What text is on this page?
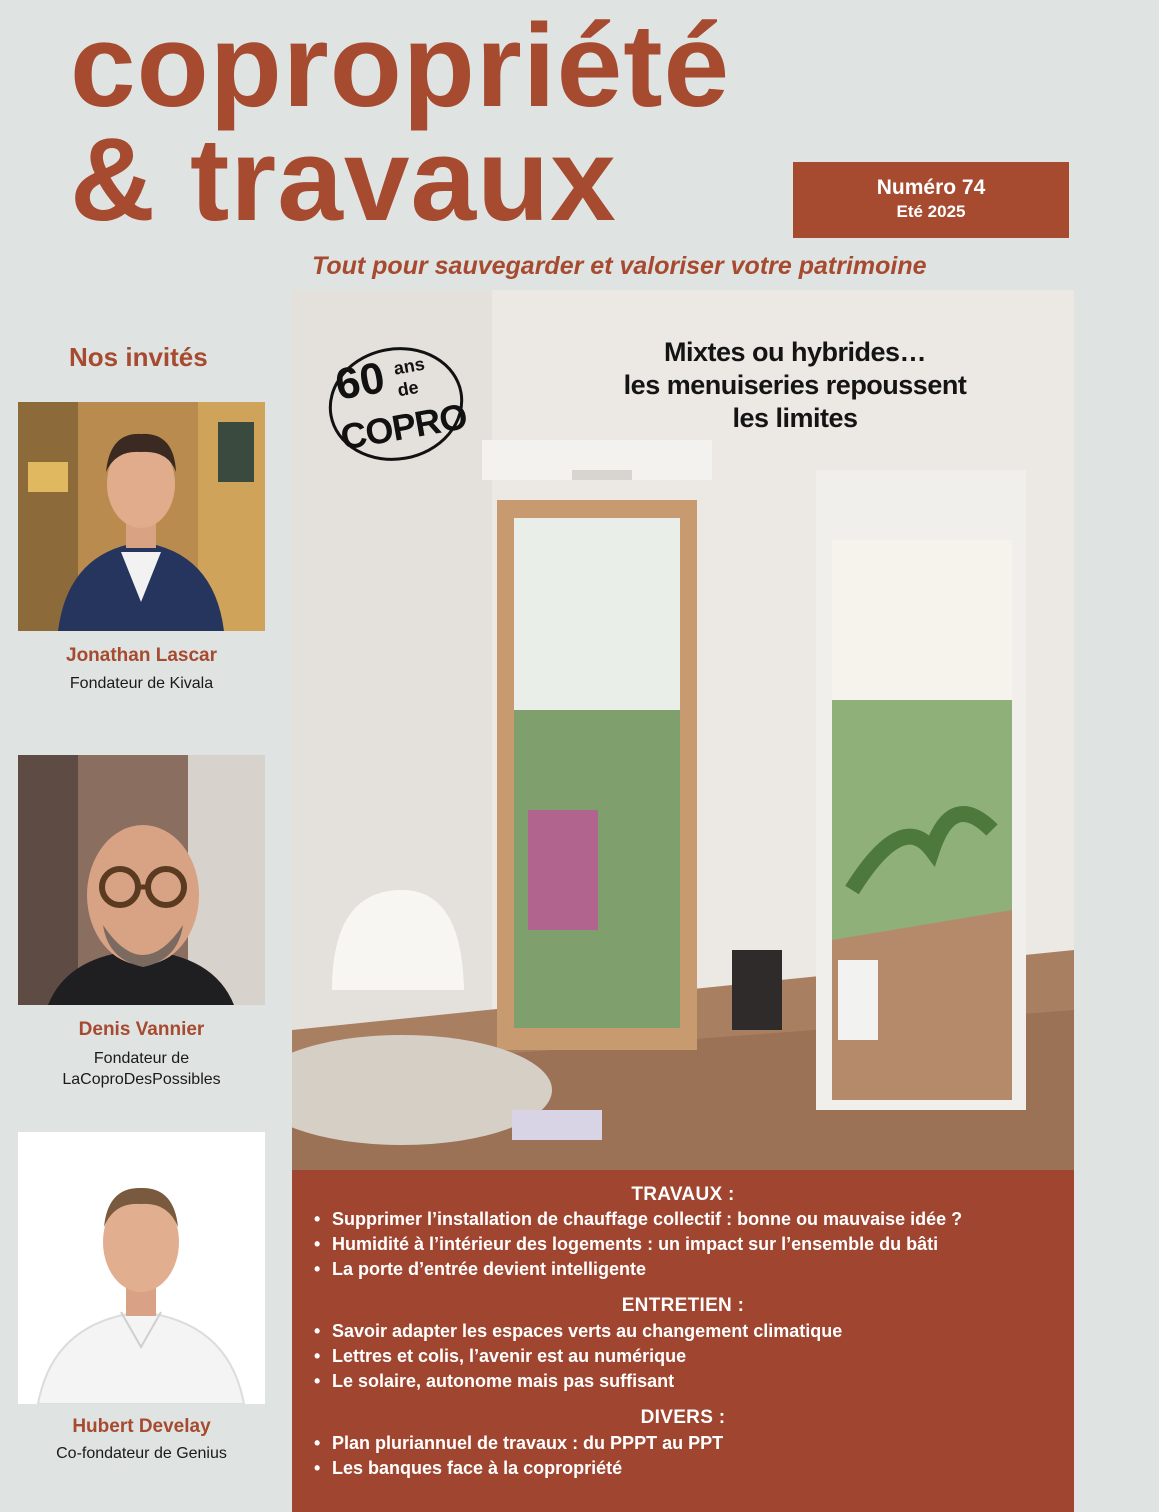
copropriété
& travaux	Numéro 74
Eté 2025
Tout pour sauvegarder et valoriser votre patrimoine
Nos invités
Jonathan Lascar
Fondateur de Kivala
Denis Vannier
Fondateur de
LaCoproDesPossibles
Hubert Develay
Co-fondateur de Genius
60 ans
de
COPRO
Mixtes ou hybrides…
les menuiseries repoussent
les limites
TRAVAUX :
• Supprimer l’installation de chauffage collectif : bonne ou mauvaise idée ?
• Humidité à l’intérieur des logements : un impact sur l’ensemble du bâti
• La porte d’entrée devient intelligente
ENTRETIEN :
• Savoir adapter les espaces verts au changement climatique
• Lettres et colis, l’avenir est au numérique
• Le solaire, autonome mais pas suffisant
DIVERS :
• Plan pluriannuel de travaux : du PPPT au PPT
• Les banques face à la copropriété
